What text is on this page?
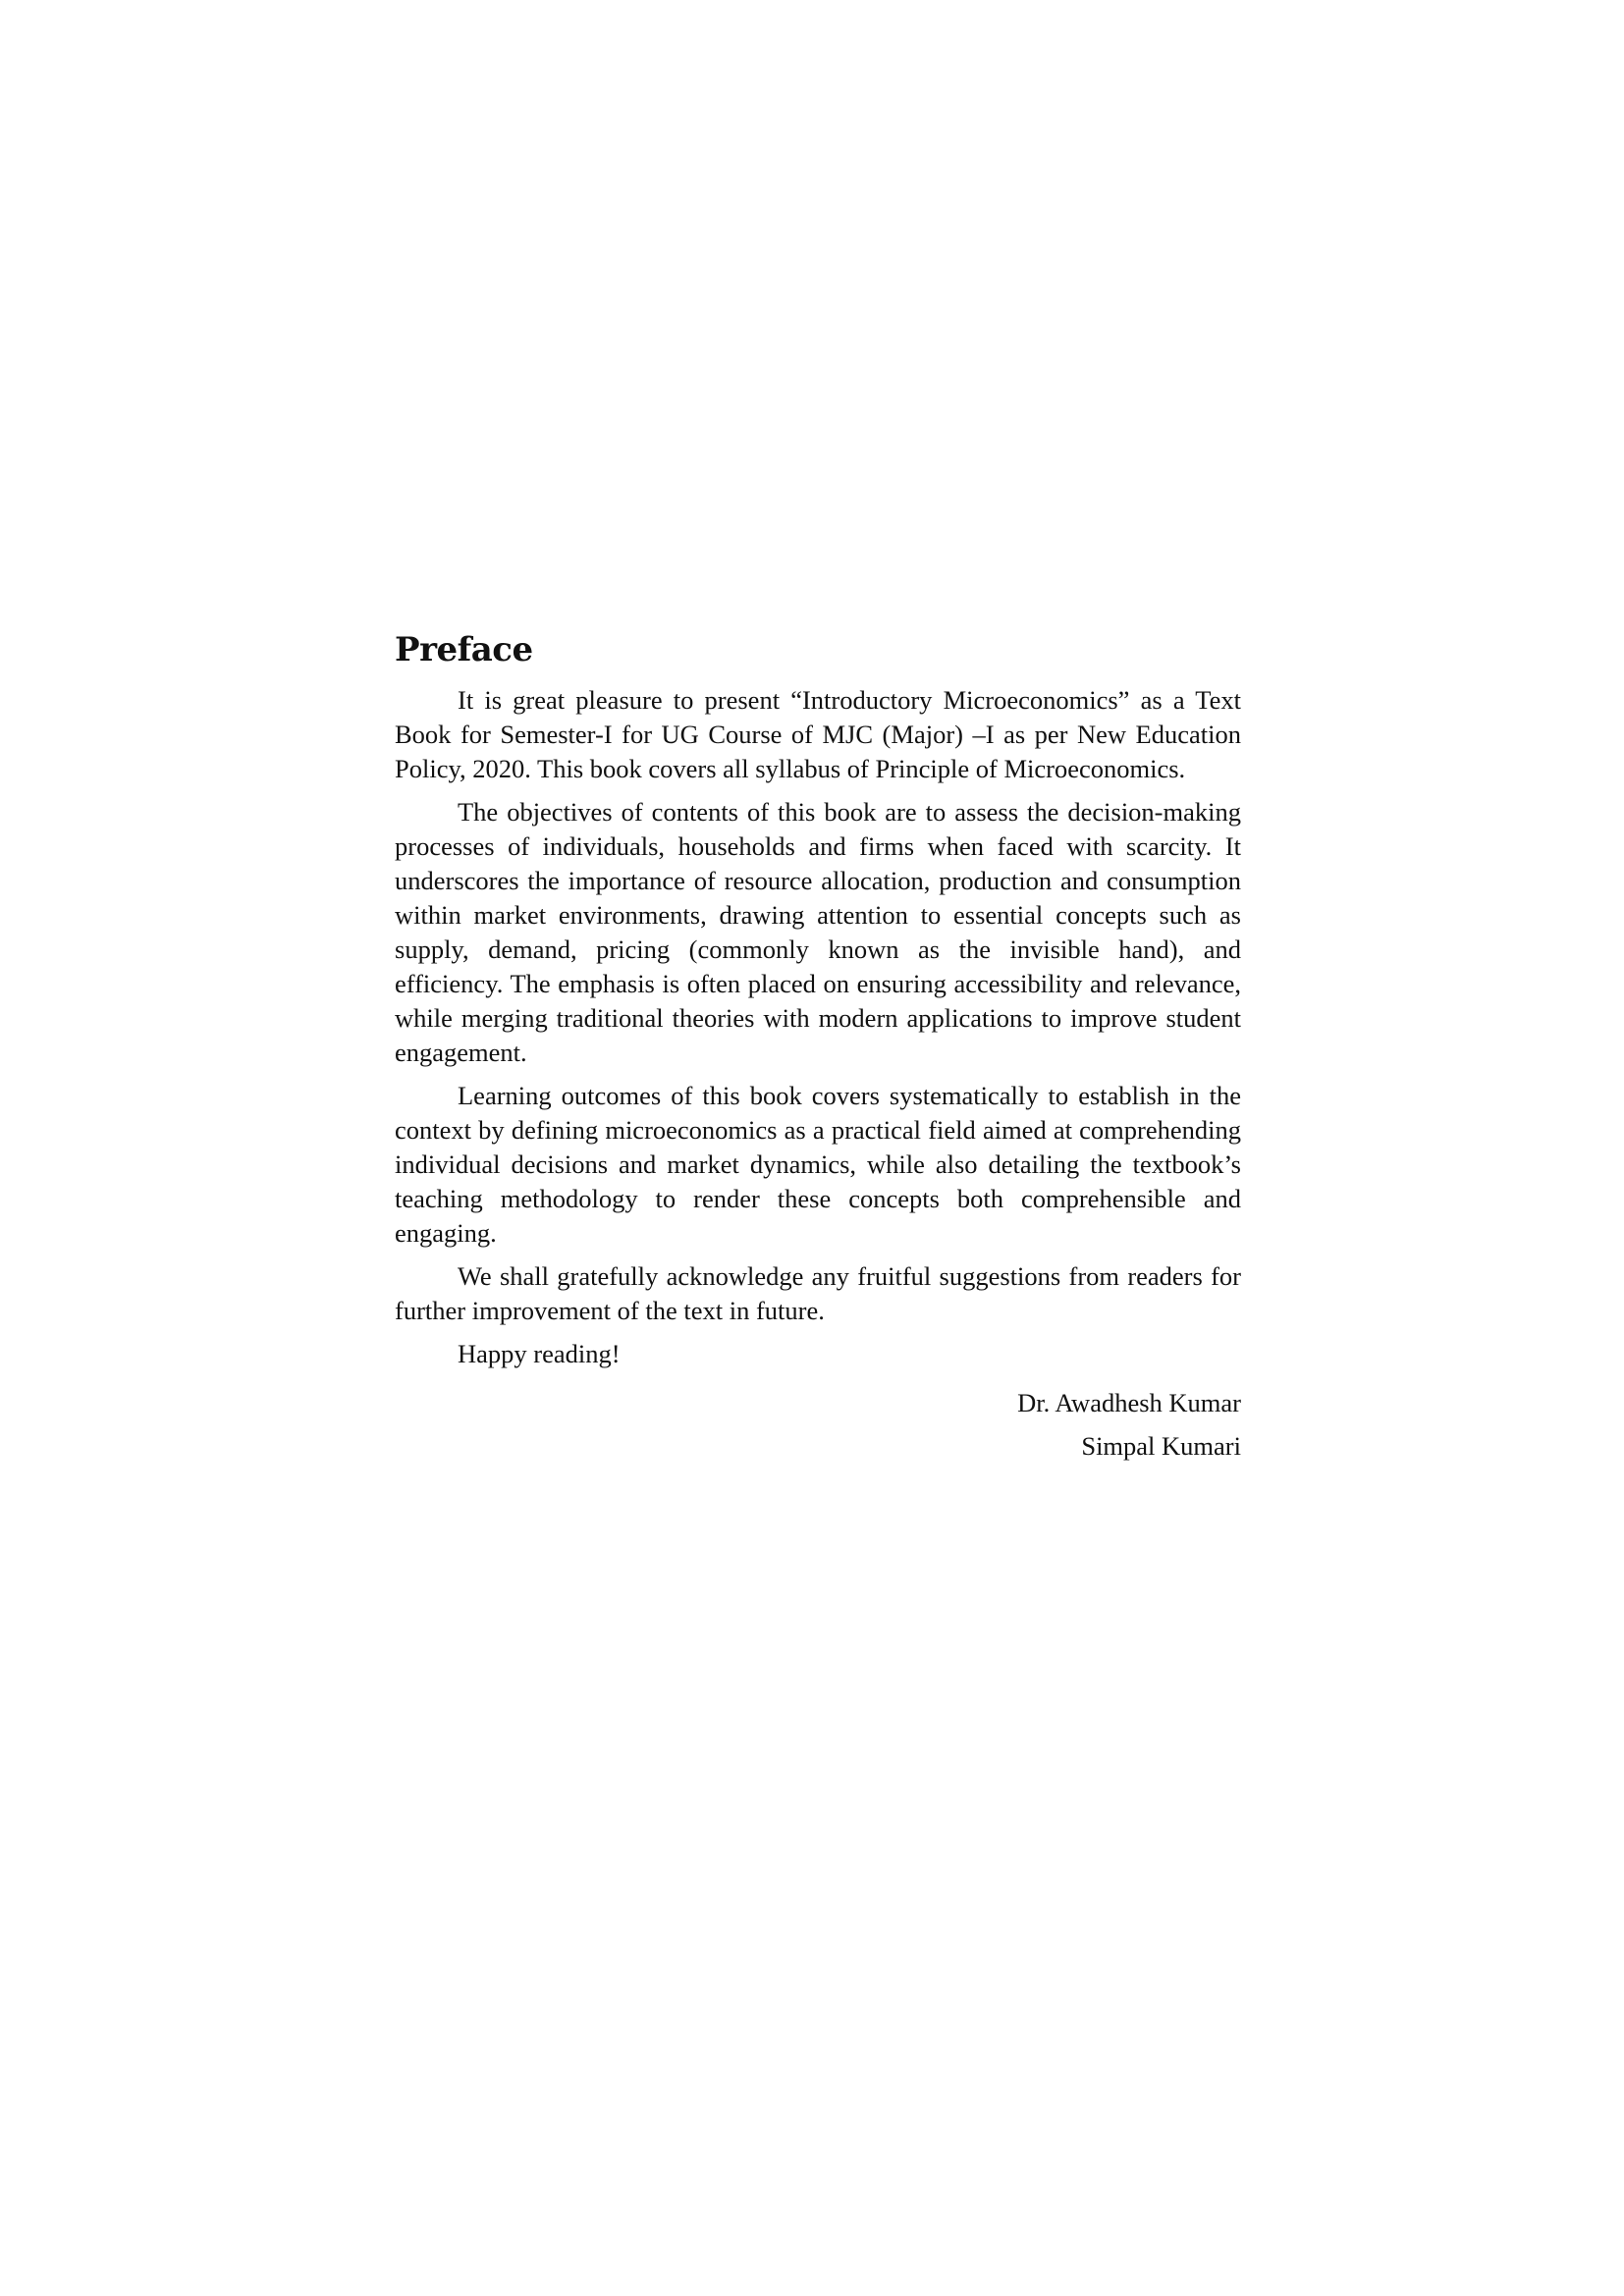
Preface

It is great pleasure to present “Introductory Microeconomics” as a Text Book for Semester-I for UG Course of MJC (Major) –I as per New Education Policy, 2020. This book covers all syllabus of Principle of Microeconomics.

The objectives of contents of this book are to assess the decision-making processes of individuals, households and firms when faced with scarcity. It underscores the importance of resource allocation, production and consumption within market environments, drawing attention to essential concepts such as supply, demand, pricing (commonly known as the invisible hand), and efficiency. The emphasis is often placed on ensuring accessibility and relevance, while merging traditional theories with modern applications to improve student engagement.

Learning outcomes of this book covers systematically to establish in the context by defining microeconomics as a practical field aimed at comprehending individual decisions and market dynamics, while also detailing the textbook’s teaching methodology to render these concepts both comprehensible and engaging.

We shall gratefully acknowledge any fruitful suggestions from readers for further improvement of the text in future.

Happy reading!

Dr. Awadhesh Kumar
Simpal Kumari
